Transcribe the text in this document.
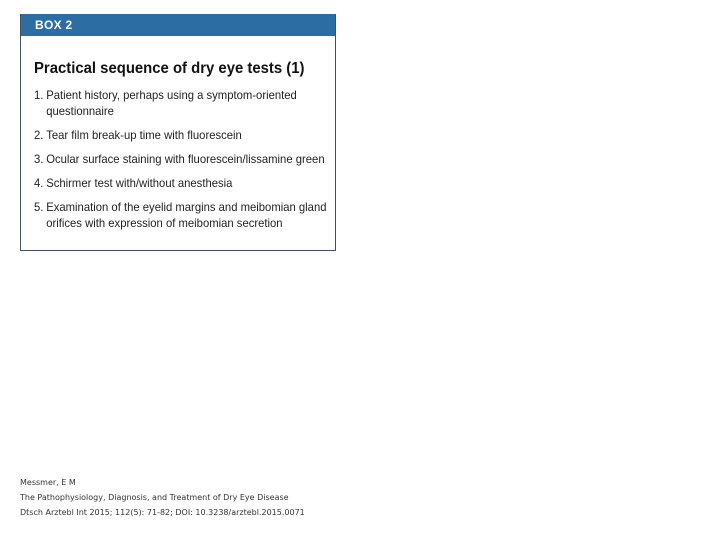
BOX 2
Practical sequence of dry eye tests (1)
1. Patient history, perhaps using a symptom-oriented
questionnaire
2. Tear film break-up time with fluorescein
3. Ocular surface staining with fluorescein/lissamine green
4. Schirmer test with/without anesthesia
5. Examination of the eyelid margins and meibomian gland
orifices with expression of meibomian secretion
Messmer, E M
The Pathophysiology, Diagnosis, and Treatment of Dry Eye Disease
Dtsch Arztebl Int 2015; 112(5): 71-82; DOI: 10.3238/arztebl.2015.0071
